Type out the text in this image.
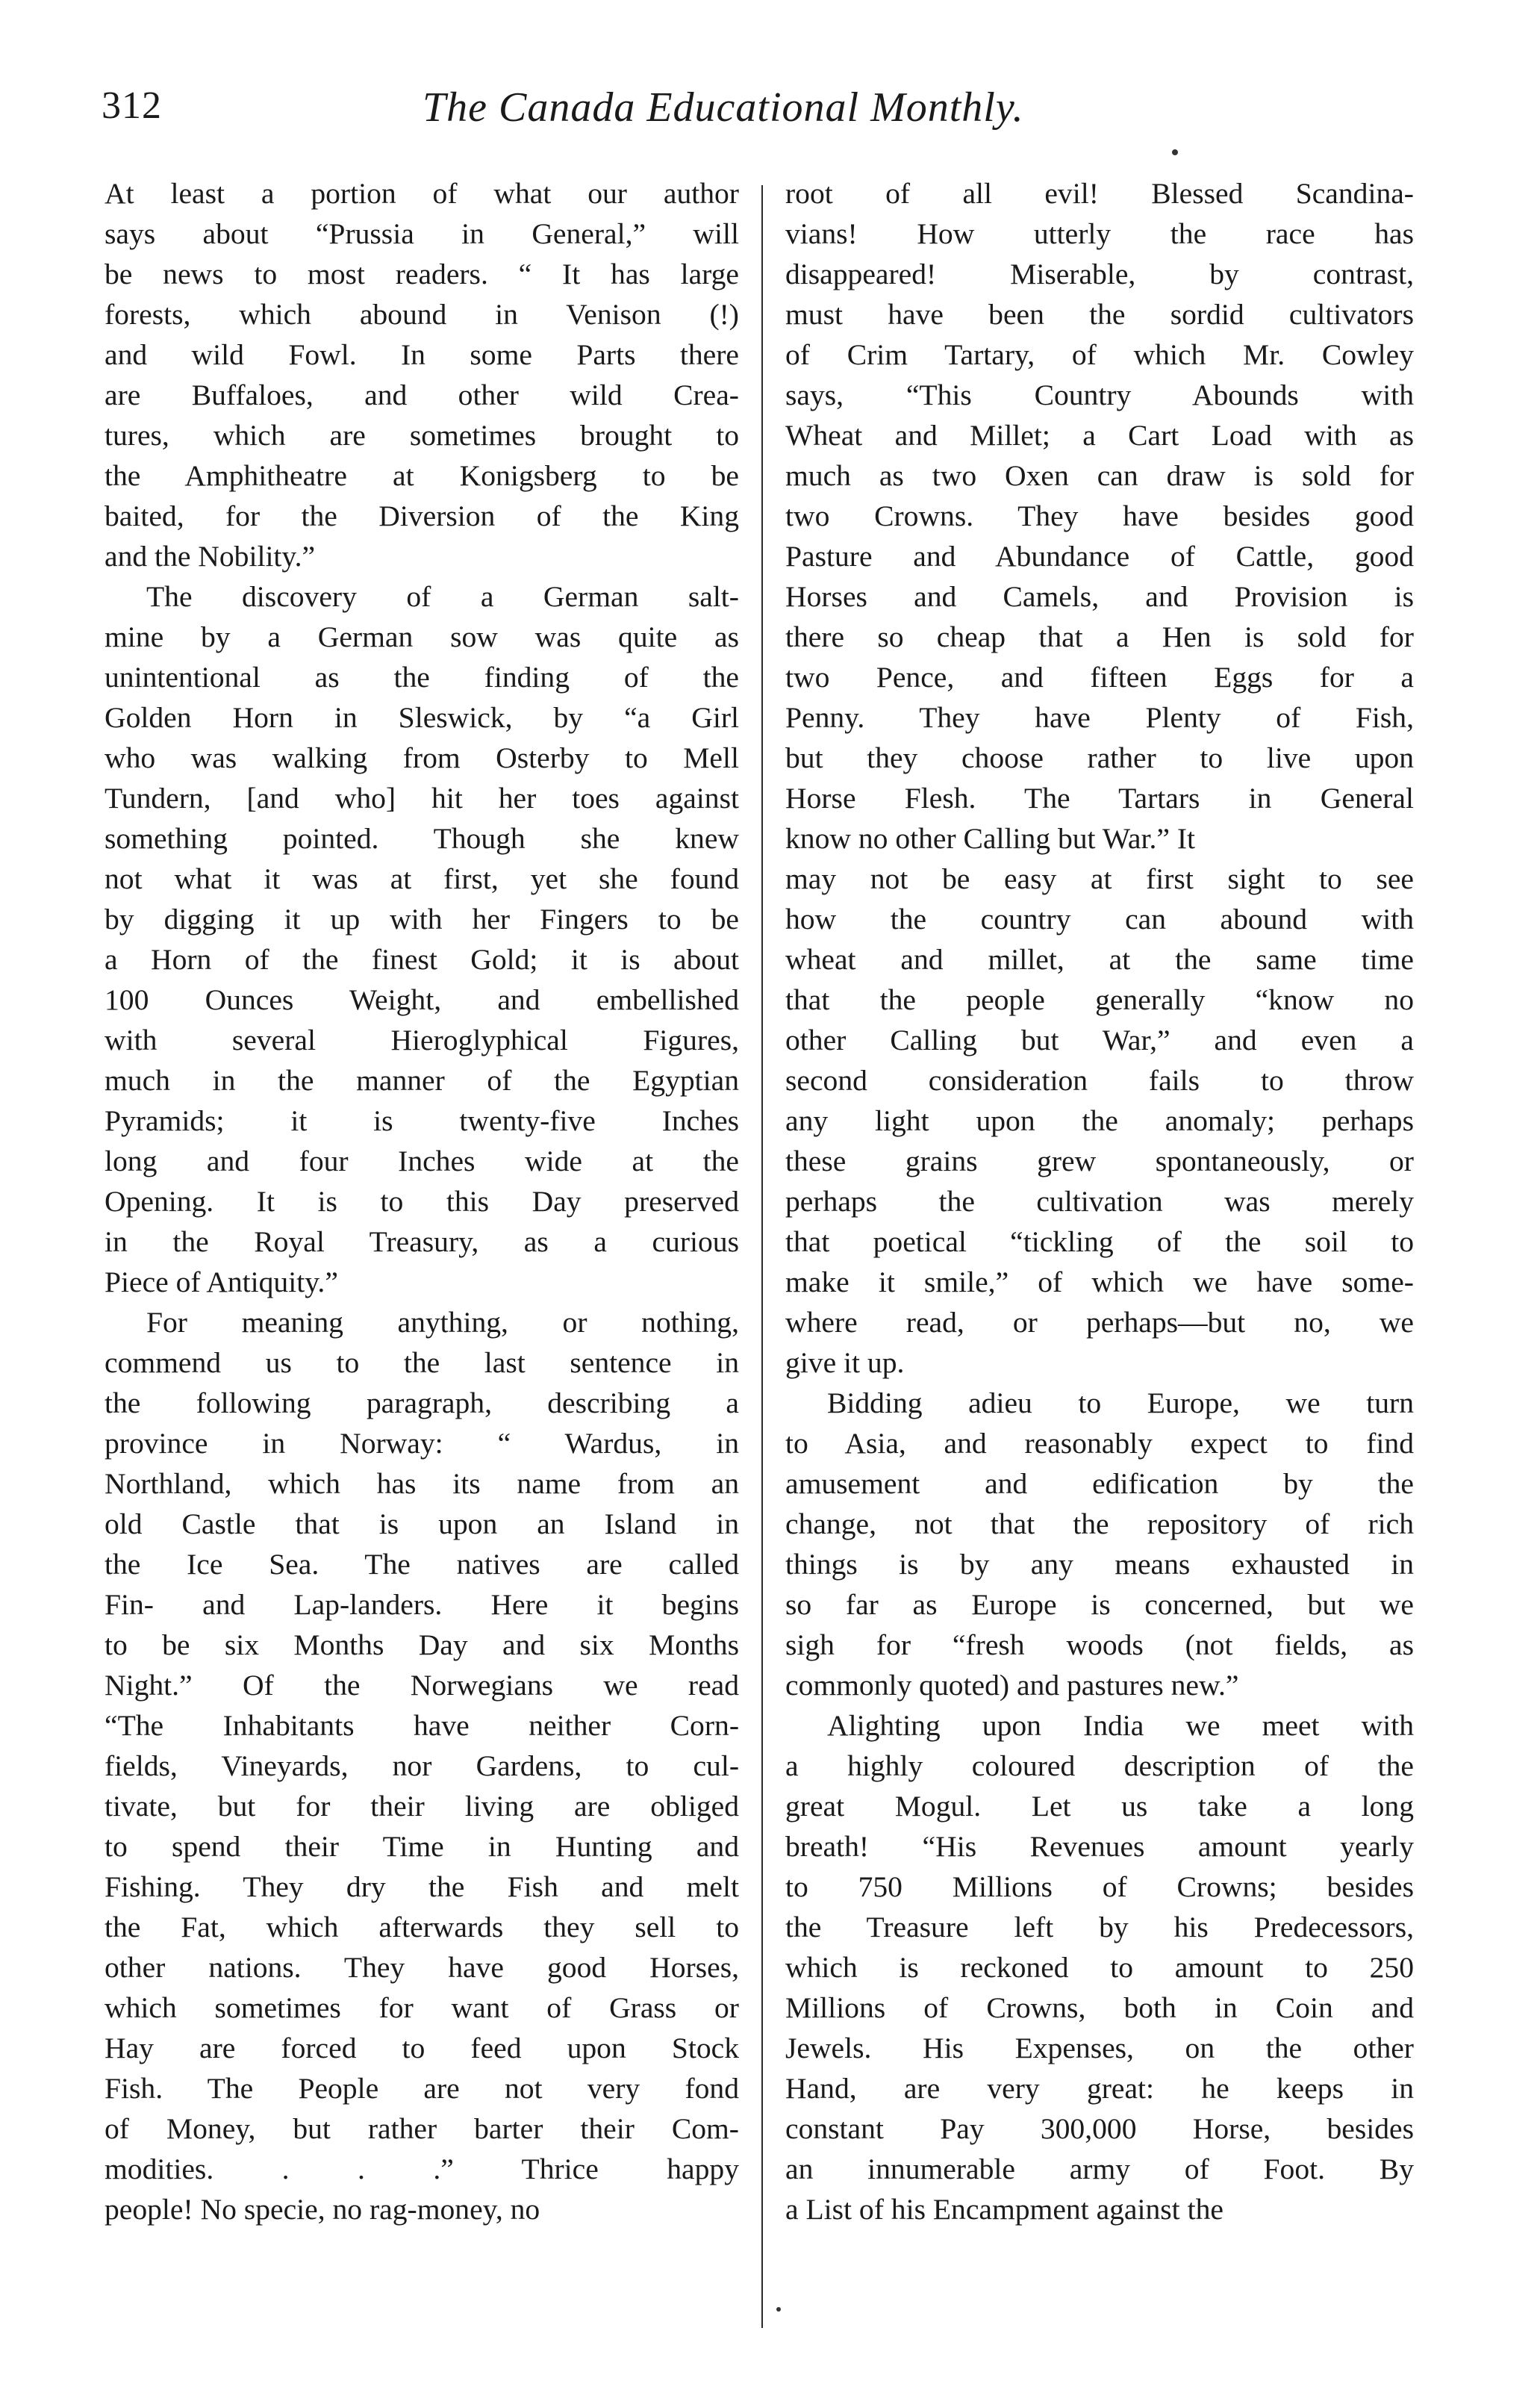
312	The Canada Educational Monthly.
At least a portion of what our author
says about “Prussia in General,” will
be news to most readers. “ It has large
forests, which abound in Venison (!)
and wild Fowl. In some Parts there
are Buffaloes, and other wild Crea-
tures, which are sometimes brought to
the Amphitheatre at Konigsberg to be
baited, for the Diversion of the King
and the Nobility.”
The discovery of a German salt-
mine by a German sow was quite as
unintentional as the finding of the
Golden Horn in Sleswick, by “a Girl
who was walking from Osterby to Mell
Tundern, [and who] hit her toes against
something pointed. Though she knew
not what it was at first, yet she found
by digging it up with her Fingers to be
a Horn of the finest Gold; it is about
100 Ounces Weight, and embellished
with several Hieroglyphical Figures,
much in the manner of the Egyptian
Pyramids; it is twenty-five Inches
long and four Inches wide at the
Opening. It is to this Day preserved
in the Royal Treasury, as a curious
Piece of Antiquity.”
For meaning anything, or nothing,
commend us to the last sentence in
the following paragraph, describing a
province in Norway: “ Wardus, in
Northland, which has its name from an
old Castle that is upon an Island in
the Ice Sea. The natives are called
Fin- and Lap-landers. Here it begins
to be six Months Day and six Months
Night.” Of the Norwegians we read
“The Inhabitants have neither Corn-
fields, Vineyards, nor Gardens, to cul-
tivate, but for their living are obliged
to spend their Time in Hunting and
Fishing. They dry the Fish and melt
the Fat, which afterwards they sell to
other nations. They have good Horses,
which sometimes for want of Grass or
Hay are forced to feed upon Stock
Fish. The People are not very fond
of Money, but rather barter their Com-
modities. . . .” Thrice happy
people! No specie, no rag-money, no
root of all evil! Blessed Scandina-
vians! How utterly the race has
disappeared! Miserable, by contrast,
must have been the sordid cultivators
of Crim Tartary, of which Mr. Cowley
says, “This Country Abounds with
Wheat and Millet; a Cart Load with as
much as two Oxen can draw is sold for
two Crowns. They have besides good
Pasture and Abundance of Cattle, good
Horses and Camels, and Provision is
there so cheap that a Hen is sold for
two Pence, and fifteen Eggs for a
Penny. They have Plenty of Fish,
but they choose rather to live upon
Horse Flesh. The Tartars in General
know no other Calling but War.” It
may not be easy at first sight to see
how the country can abound with
wheat and millet, at the same time
that the people generally “know no
other Calling but War,” and even a
second consideration fails to throw
any light upon the anomaly; perhaps
these grains grew spontaneously, or
perhaps the cultivation was merely
that poetical “tickling of the soil to
make it smile,” of which we have some-
where read, or perhaps—but no, we
give it up.
Bidding adieu to Europe, we turn
to Asia, and reasonably expect to find
amusement and edification by the
change, not that the repository of rich
things is by any means exhausted in
so far as Europe is concerned, but we
sigh for “fresh woods (not fields, as
commonly quoted) and pastures new.”
Alighting upon India we meet with
a highly coloured description of the
great Mogul. Let us take a long
breath! “His Revenues amount yearly
to 750 Millions of Crowns; besides
the Treasure left by his Predecessors,
which is reckoned to amount to 250
Millions of Crowns, both in Coin and
Jewels. His Expenses, on the other
Hand, are very great: he keeps in
constant Pay 300,000 Horse, besides
an innumerable army of Foot. By
a List of his Encampment against the
